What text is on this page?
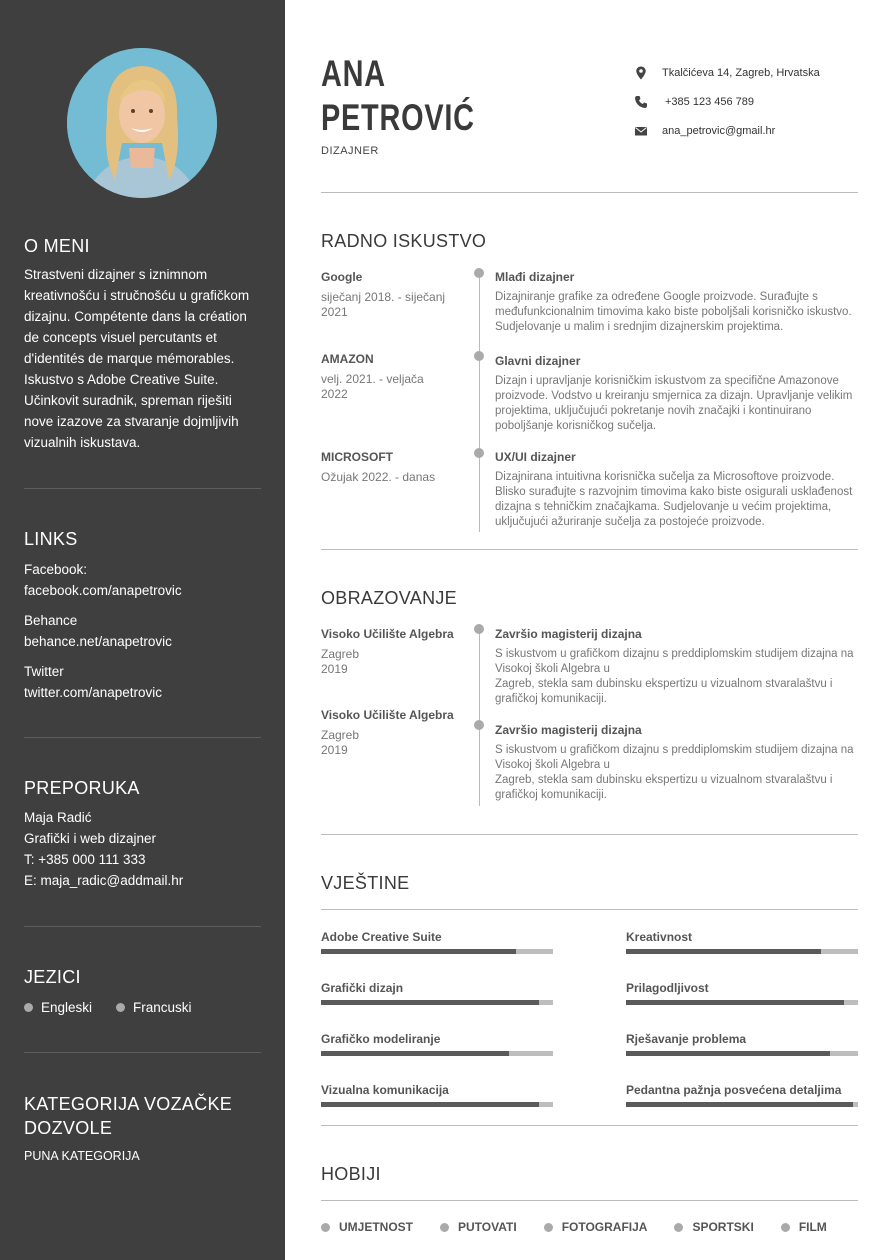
O MENI
Strastveni dizajner s iznimnom kreativnošću i stručnošću u grafičkom dizajnu. Compétente dans la création de concepts visuel percutants et d'identités de marque mémorables. Iskustvo s Adobe Creative Suite. Učinkovit suradnik, spreman riješiti nove izazove za stvaranje dojmljivih vizualnih iskustava.
LINKS
Facebook:
facebook.com/anapetrovic
Behance
behance.net/anapetrovic
Twitter
twitter.com/anapetrovic
PREPORUKA
Maja Radić
Grafički i web dizajner
T: +385 000 111 333
E: maja_radic@addmail.hr
JEZICI
Engleski	Francuski
KATEGORIJA VOZAČKE
DOZVOLE
PUNA KATEGORIJA
ANA
PETROVIĆ
DIZAJNER
Tkalčićeva 14, Zagreb, Hrvatska
+385 123 456 789
ana_petrovic@gmail.hr
RADNO ISKUSTVO
Google
siječanj 2018. - siječanj
2021
Mlađi dizajner
Dizajniranje grafike za određene Google proizvode. Surađujte s međufunkcionalnim timovima kako biste poboljšali korisničko iskustvo. Sudjelovanje u malim i srednjim dizajnerskim projektima.
AMAZON
velj. 2021. - veljača
2022
Glavni dizajner
Dizajn i upravljanje korisničkim iskustvom za specifične Amazonove proizvode. Vodstvo u kreiranju smjernica za dizajn. Upravljanje velikim projektima, uključujući pokretanje novih značajki i kontinuirano poboljšanje korisničkog sučelja.
MICROSOFT
Ožujak 2022. - danas
UX/UI dizajner
Dizajnirana intuitivna korisnička sučelja za Microsoftove proizvode. Blisko surađujte s razvojnim timovima kako biste osigurali usklađenost dizajna s tehničkim značajkama. Sudjelovanje u većim projektima, uključujući ažuriranje sučelja za postojeće proizvode.
OBRAZOVANJE
Visoko Učilište Algebra
Zagreb
2019
Završio magisterij dizajna
S iskustvom u grafičkom dizajnu s preddiplomskim studijem dizajna na Visokoj školi Algebra u
Zagreb, stekla sam dubinsku ekspertizu u vizualnom stvaralaštvu i grafičkoj komunikaciji.
Visoko Učilište Algebra
Zagreb
2019
Završio magisterij dizajna
S iskustvom u grafičkom dizajnu s preddiplomskim studijem dizajna na Visokoj školi Algebra u
Zagreb, stekla sam dubinsku ekspertizu u vizualnom stvaralaštvu i grafičkoj komunikaciji.
VJEŠTINE
Adobe Creative Suite	Kreativnost
Grafički dizajn	Prilagodljivost
Grafičko modeliranje	Rješavanje problema
Vizualna komunikacija	Pedantna pažnja posvećena detaljima
HOBIJI
UMJETNOST	PUTOVATI	FOTOGRAFIJA	SPORTSKI	FILM
